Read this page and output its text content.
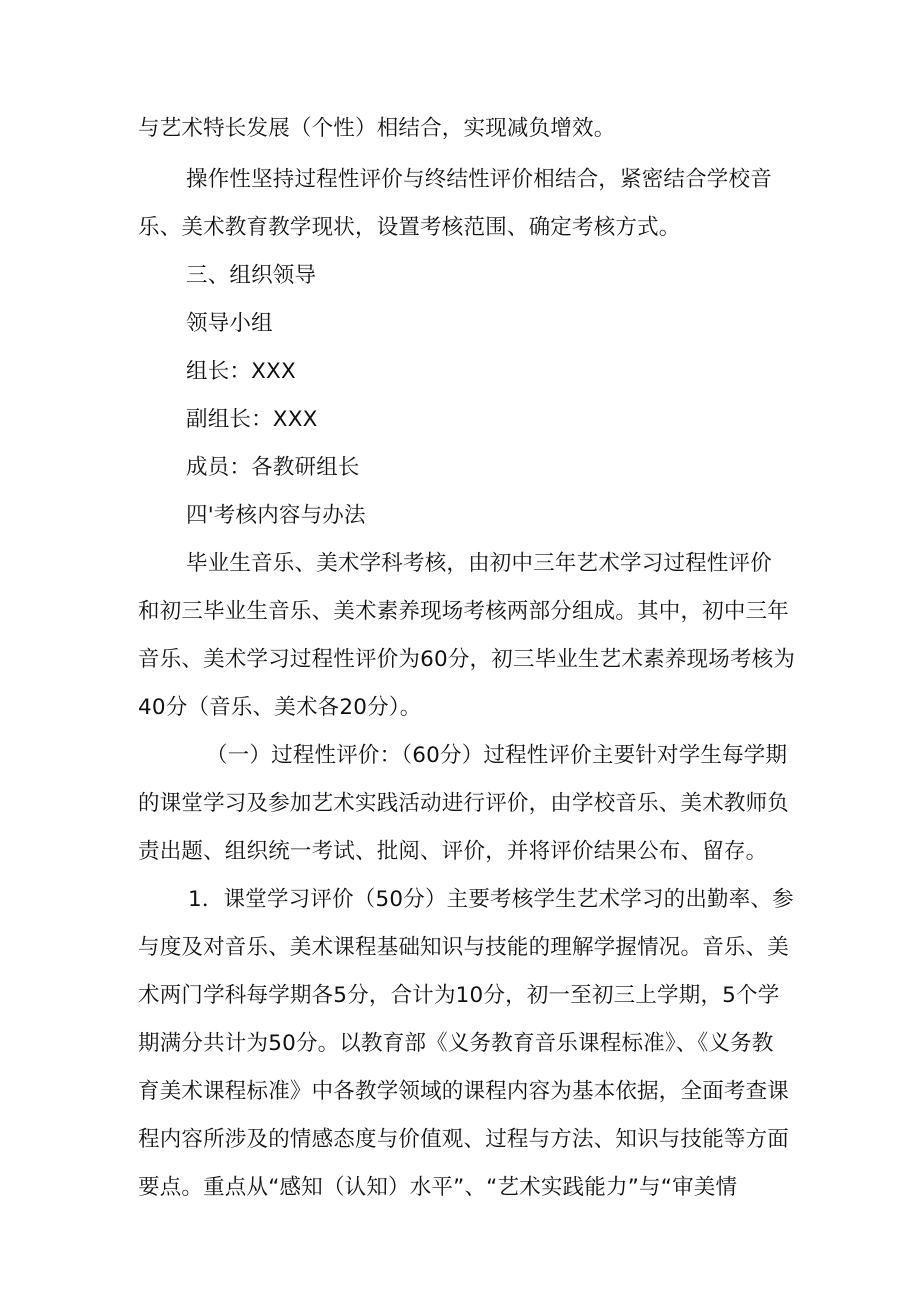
与艺术特长发展（个性）相结合，实现减负增效。
操作性坚持过程性评价与终结性评价相结合，紧密结合学校音
乐、美术教育教学现状，设置考核范围、确定考核方式。
三、组织领导
领导小组
组长：XXX
副组长：XXX
成员：各教研组长
四'考核内容与办法
毕业生音乐、美术学科考核，由初中三年艺术学习过程性评价
和初三毕业生音乐、美术素养现场考核两部分组成。其中，初中三年
音乐、美术学习过程性评价为60分，初三毕业生艺术素养现场考核为
40分（音乐、美术各20分）。
（一）过程性评价：（60分）过程性评价主要针对学生每学期
的课堂学习及参加艺术实践活动进行评价，由学校音乐、美术教师负
责出题、组织统一考试、批阅、评价，并将评价结果公布、留存。
1．课堂学习评价（50分）主要考核学生艺术学习的出勤率、参
与度及对音乐、美术课程基础知识与技能的理解学握情况。音乐、美
术两门学科每学期各5分，合计为10分，初一至初三上学期，5个学
期满分共计为50分。以教育部《义务教育音乐课程标准》、《义务教
育美术课程标准》中各教学领域的课程内容为基本依据，全面考查课
程内容所涉及的情感态度与价值观、过程与方法、知识与技能等方面
要点。重点从“感知（认知）水平”、“艺术实践能力”与“审美情
